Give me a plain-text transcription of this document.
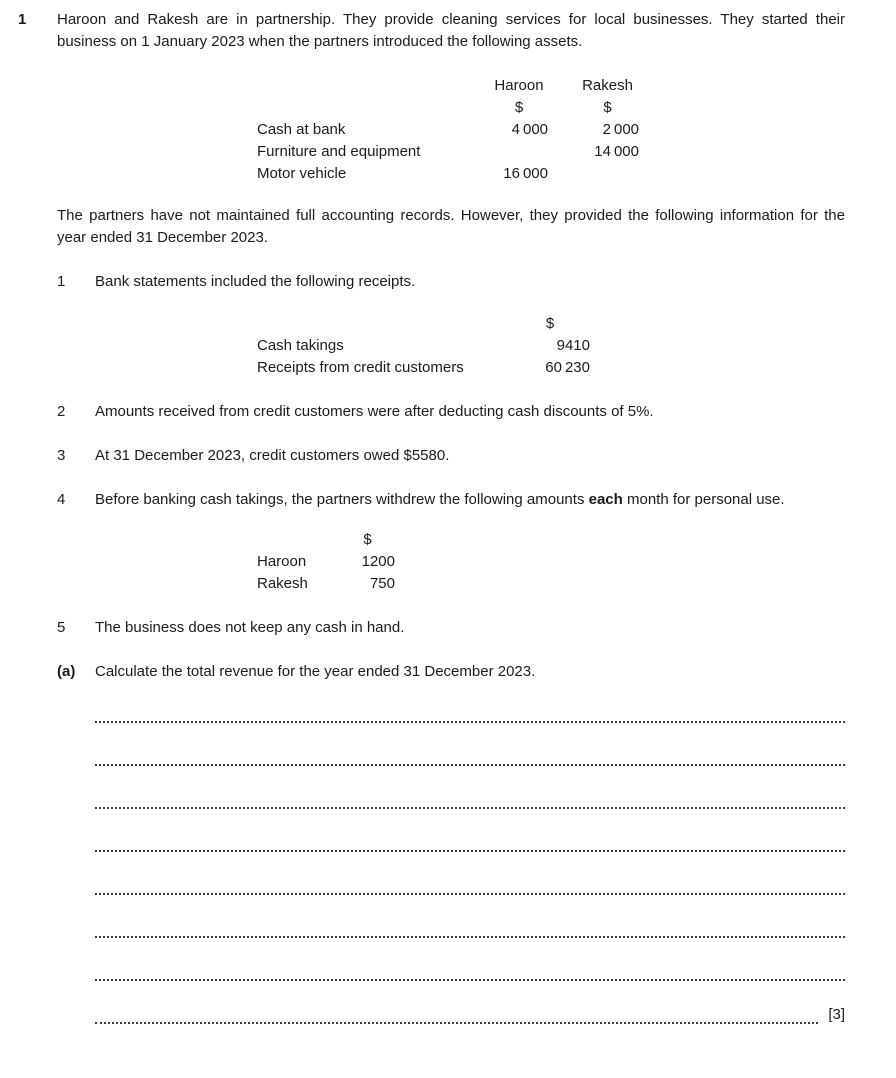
1	Haroon and Rakesh are in partnership. They provide cleaning services for local businesses. They started their business on 1 January 2023 when the partners introduced the following assets.

	Haroon	Rakesh
	$	$
Cash at bank	4 000	2 000
Furniture and equipment		14 000
Motor vehicle	16 000	

The partners have not maintained full accounting records. However, they provided the following information for the year ended 31 December 2023.

1	Bank statements included the following receipts.
	$
Cash takings	9410
Receipts from credit customers	60 230
2	Amounts received from credit customers were after deducting cash discounts of 5%.
3	At 31 December 2023, credit customers owed $5580.
4	Before banking cash takings, the partners withdrew the following amounts each month for personal use.
	$
Haroon	1200
Rakesh	750
5	The business does not keep any cash in hand.
(a)	Calculate the total revenue for the year ended 31 December 2023.
[3]
